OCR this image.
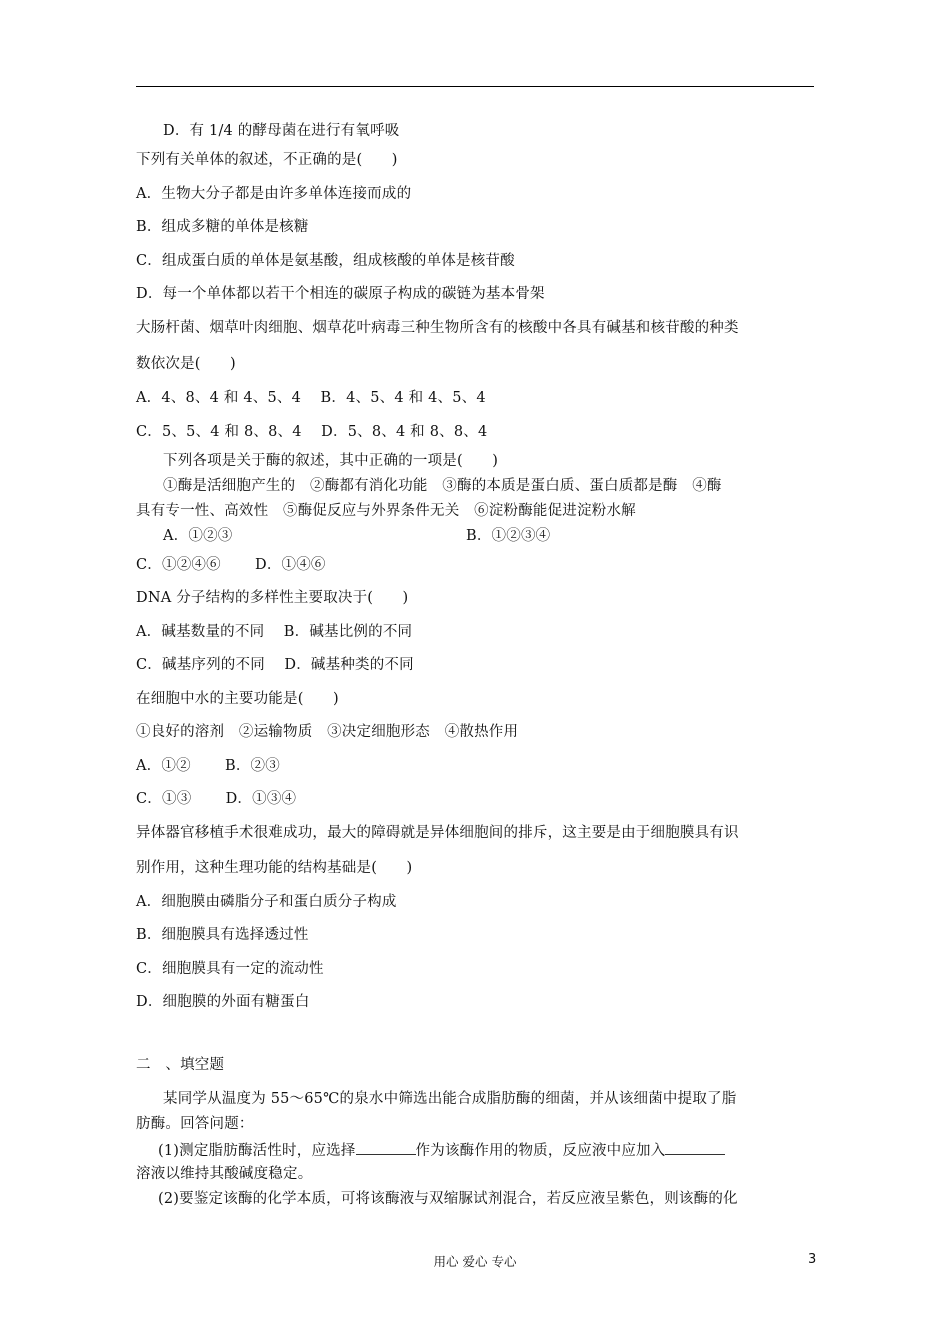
D．有 1/4 的酵母菌在进行有氧呼吸
下列有关单体的叙述，不正确的是(　　)
A．生物大分子都是由许多单体连接而成的
B．组成多糖的单体是核糖
C．组成蛋白质的单体是氨基酸，组成核酸的单体是核苷酸
D．每一个单体都以若干个相连的碳原子构成的碳链为基本骨架
大肠杆菌、烟草叶肉细胞、烟草花叶病毒三种生物所含有的核酸中各具有碱基和核苷酸的种类
数依次是(　　)
A．4、8、4 和 4、5、4　 B．4、5、4 和 4、5、4
C．5、5、4 和 8、8、4　 D．5、8、4 和 8、8、4
下列各项是关于酶的叙述，其中正确的一项是(　　)
①酶是活细胞产生的　②酶都有消化功能　③酶的本质是蛋白质、蛋白质都是酶　④酶
具有专一性、高效性　⑤酶促反应与外界条件无关　⑥淀粉酶能促进淀粉水解
A．①②③	B．①②③④
C．①②④⑥　　 D．①④⑥
DNA 分子结构的多样性主要取决于(　　)
A．碱基数量的不同　 B．碱基比例的不同
C．碱基序列的不同　 D．碱基种类的不同
在细胞中水的主要功能是(　　)
①良好的溶剂　②运输物质　③决定细胞形态　④散热作用
A．①②　　 B．②③
C．①③　　 D．①③④
异体器官移植手术很难成功，最大的障碍就是异体细胞间的排斥，这主要是由于细胞膜具有识
别作用，这种生理功能的结构基础是(　　)
A．细胞膜由磷脂分子和蛋白质分子构成
B．细胞膜具有选择透过性
C．细胞膜具有一定的流动性
D．细胞膜的外面有糖蛋白
二　、填空题
某同学从温度为 55～65℃的泉水中筛选出能合成脂肪酶的细菌，并从该细菌中提取了脂
肪酶。回答问题：
(1)测定脂肪酶活性时，应选择	作为该酶作用的物质，反应液中应加入
溶液以维持其酸碱度稳定。
(2)要鉴定该酶的化学本质，可将该酶液与双缩脲试剂混合，若反应液呈紫色，则该酶的化
用心 爱心 专心	3
